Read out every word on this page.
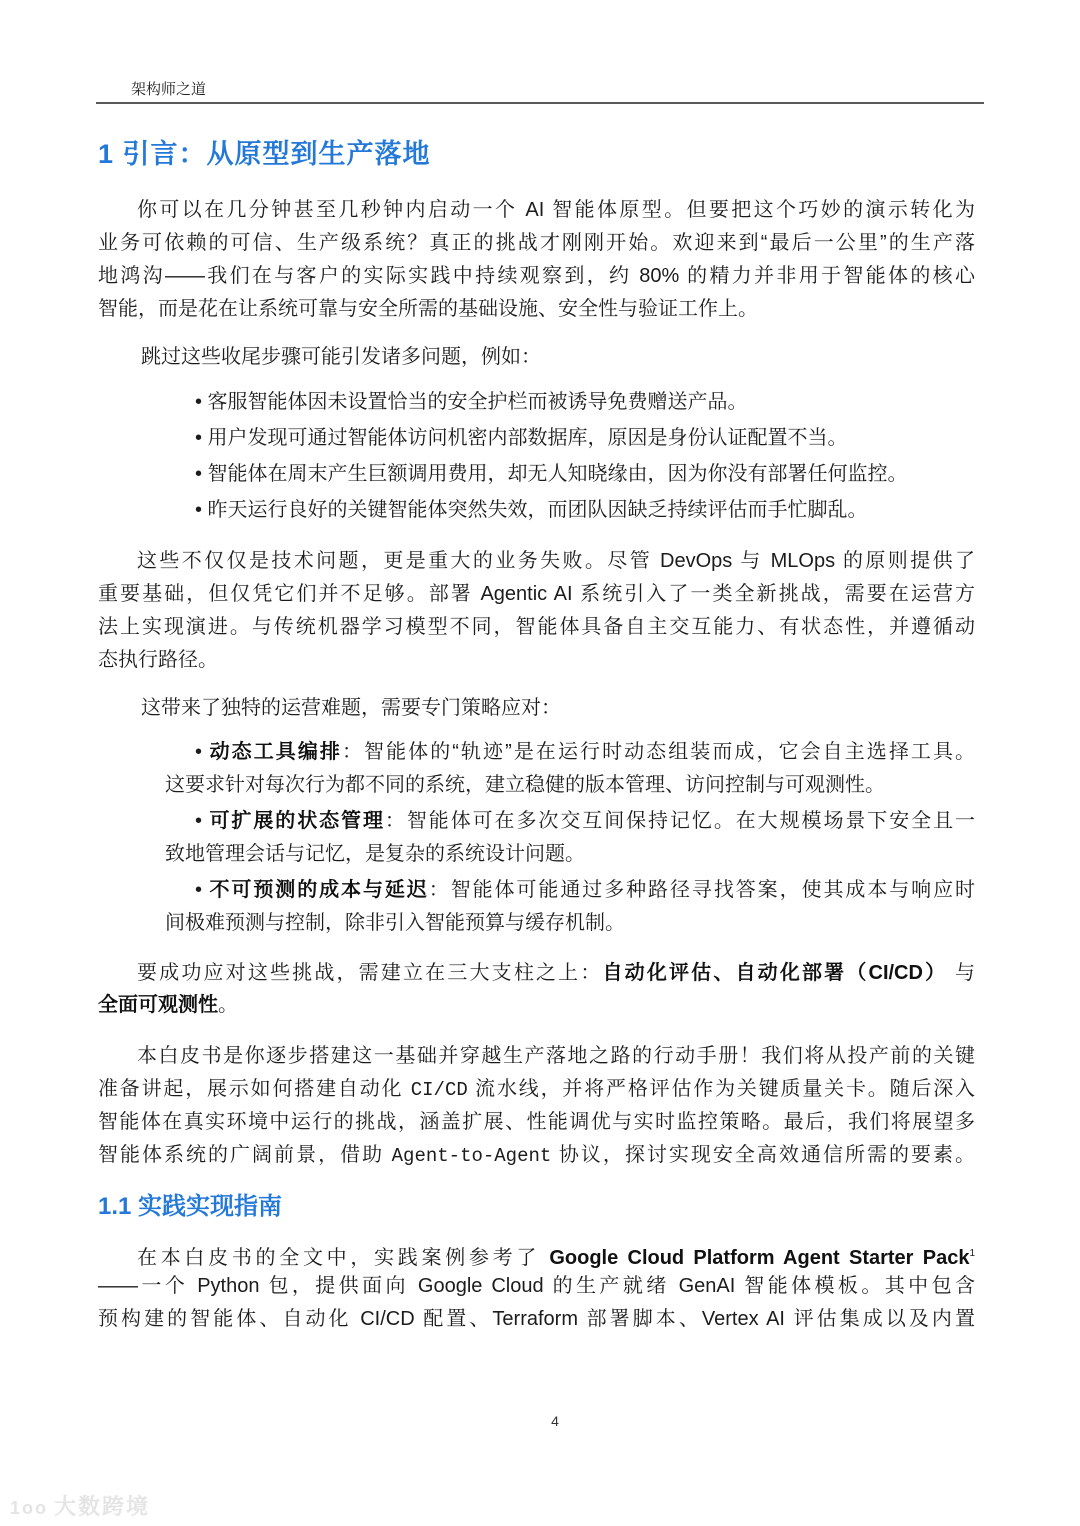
架构师之道
1 引言：从原型到生产落地
1.1 实践实现指南
你可以在几分钟甚至几秒钟内启动一个 AI 智能体原型。但要把这个巧妙的演示转化为
业务可依赖的可信、生产级系统？真正的挑战才刚刚开始。欢迎来到“最后一公里”的生产落
地鸿沟——我们在与客户的实际实践中持续观察到，约 80% 的精力并非用于智能体的核心
智能，而是花在让系统可靠与安全所需的基础设施、安全性与验证工作上。
跳过这些收尾步骤可能引发诸多问题，例如：
• 客服智能体因未设置恰当的安全护栏而被诱导免费赠送产品。
• 用户发现可通过智能体访问机密内部数据库，原因是身份认证配置不当。
• 智能体在周末产生巨额调用费用，却无人知晓缘由，因为你没有部署任何监控。
• 昨天运行良好的关键智能体突然失效，而团队因缺乏持续评估而手忙脚乱。
这些不仅仅是技术问题，更是重大的业务失败。尽管 DevOps 与 MLOps 的原则提供了
重要基础，但仅凭它们并不足够。部署 Agentic AI 系统引入了一类全新挑战，需要在运营方
法上实现演进。与传统机器学习模型不同，智能体具备自主交互能力、有状态性，并遵循动
态执行路径。
这带来了独特的运营难题，需要专门策略应对：
• 动态工具编排：智能体的“轨迹”是在运行时动态组装而成，它会自主选择工具。
这要求针对每次行为都不同的系统，建立稳健的版本管理、访问控制与可观测性。
• 可扩展的状态管理：智能体可在多次交互间保持记忆。在大规模场景下安全且一
致地管理会话与记忆，是复杂的系统设计问题。
• 不可预测的成本与延迟：智能体可能通过多种路径寻找答案，使其成本与响应时
间极难预测与控制，除非引入智能预算与缓存机制。
要成功应对这些挑战，需建立在三大支柱之上：自动化评估、自动化部署（CI/CD） 与
全面可观测性。
本白皮书是你逐步搭建这一基础并穿越生产落地之路的行动手册！我们将从投产前的关键
准备讲起，展示如何搭建自动化 CI/CD 流水线，并将严格评估作为关键质量关卡。随后深入
智能体在真实环境中运行的挑战，涵盖扩展、性能调优与实时监控策略。最后，我们将展望多
智能体系统的广阔前景，借助 Agent-to-Agent 协议，探讨实现安全高效通信所需的要素。
在本白皮书的全文中，实践案例参考了 Google Cloud Platform Agent Starter Pack$^1$
——一个 Python 包，提供面向 Google Cloud 的生产就绪 GenAI 智能体模板。其中包含
预构建的智能体、自动化 CI/CD 配置、Terraform 部署脚本、Vertex AI 评估集成以及内置
4
1oo 大数跨境
